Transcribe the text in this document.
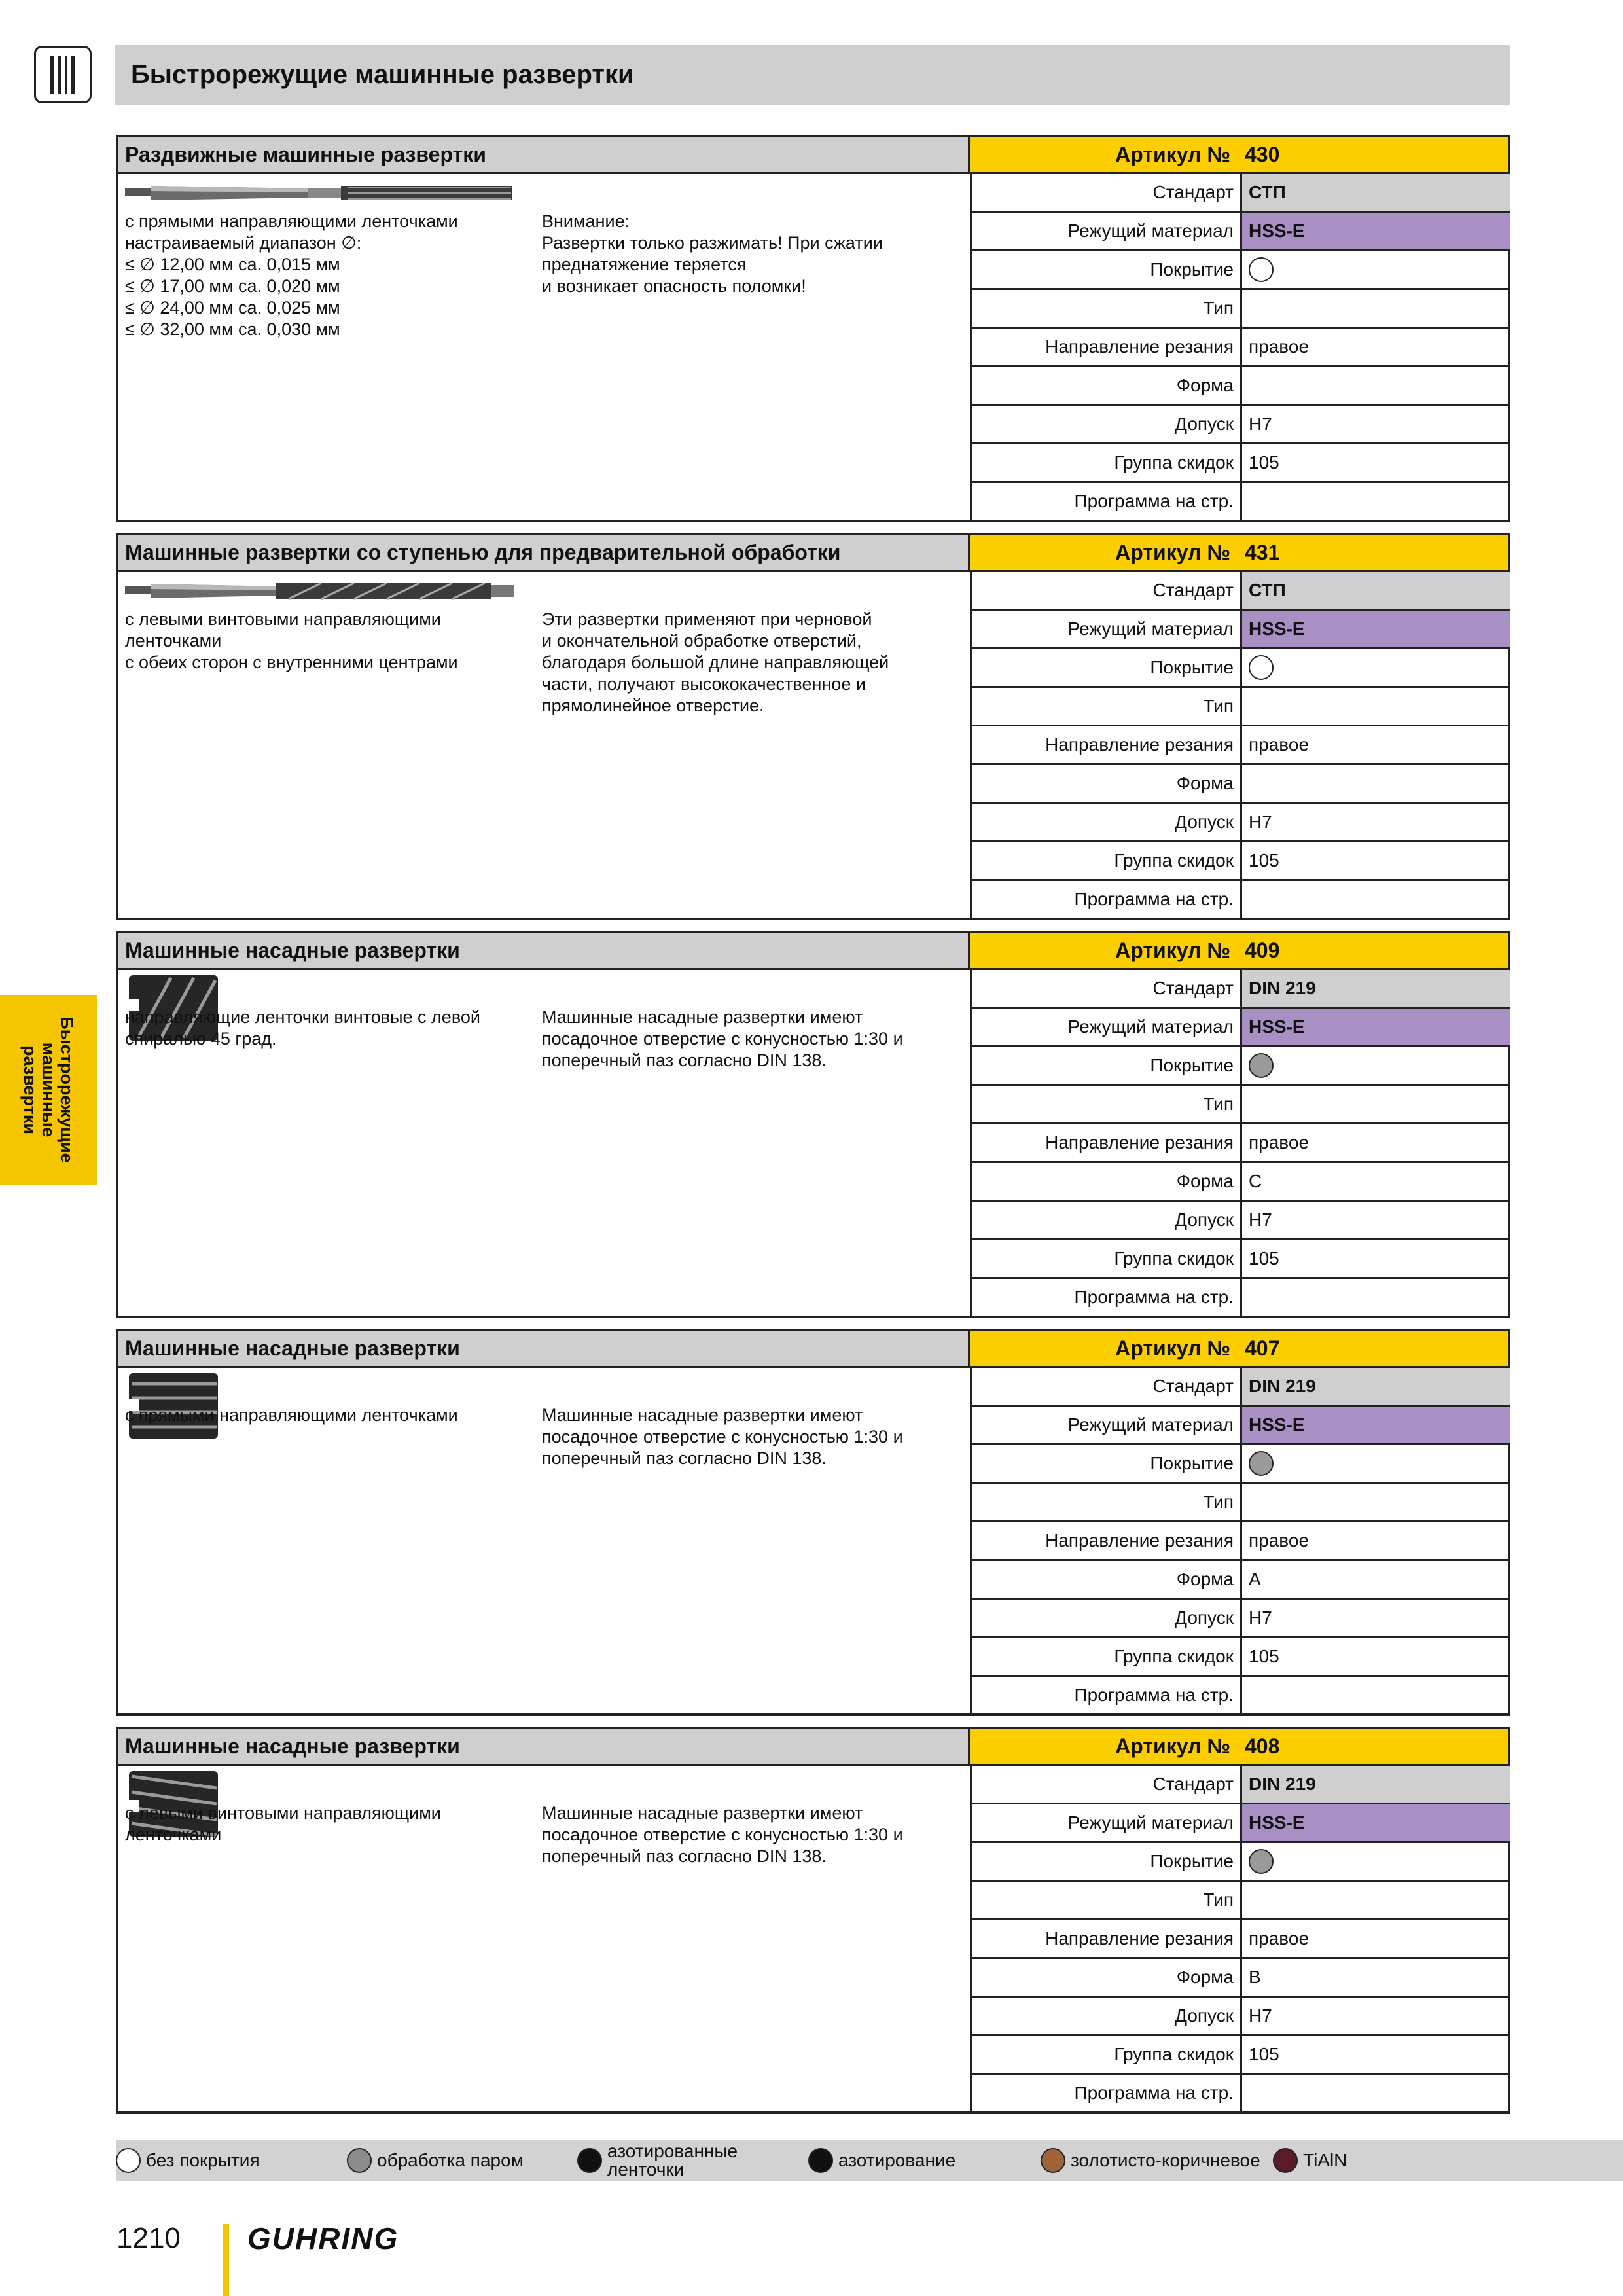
Быстрорежущие машинные развертки
Быстрорежущие машинные развертки
Раздвижные машинные развертки	Артикул № 430
с прямыми направляющими ленточками
настраиваемый диапазон ∅:
≤ ∅ 12,00 мм ca. 0,015 мм
≤ ∅ 17,00 мм ca. 0,020 мм
≤ ∅ 24,00 мм ca. 0,025 мм
≤ ∅ 32,00 мм ca. 0,030 мм
Внимание:
Развертки только разжимать! При сжатии
преднатяжение теряется
и возникает опасность поломки!
Стандарт СТП
Режущий материал HSS-E
Покрытие
Тип
Направление резания правое
Форма
Допуск H7
Группа скидок 105
Программа на стр.
Машинные развертки со ступенью для предварительной обработки	Артикул № 431
с левыми винтовыми направляющими
ленточками
с обеих сторон с внутренними центрами
Эти развертки применяют при черновой
и окончательной обработке отверстий,
благодаря большой длине направляющей
части, получают высококачественное и
прямолинейное отверстие.
Стандарт СТП
Режущий материал HSS-E
Покрытие
Тип
Направление резания правое
Форма
Допуск H7
Группа скидок 105
Программа на стр.
Машинные насадные развертки	Артикул № 409
направляющие ленточки винтовые с левой
спиралью 45 град.
Машинные насадные развертки имеют
посадочное отверстие с конусностью 1:30 и
поперечный паз согласно DIN 138.
Стандарт DIN 219
Режущий материал HSS-E
Покрытие
Тип
Направление резания правое
Форма C
Допуск H7
Группа скидок 105
Программа на стр.
Машинные насадные развертки	Артикул № 407
с прямыми направляющими ленточками	Машинные насадные развертки имеют
посадочное отверстие с конусностью 1:30 и
поперечный паз согласно DIN 138.
Стандарт DIN 219
Режущий материал HSS-E
Покрытие
Тип
Направление резания правое
Форма A
Допуск H7
Группа скидок 105
Программа на стр.
Машинные насадные развертки	Артикул № 408
с левыми винтовыми направляющими
ленточками
Машинные насадные развертки имеют
посадочное отверстие с конусностью 1:30 и
поперечный паз согласно DIN 138.
Стандарт DIN 219
Режущий материал HSS-E
Покрытие
Тип
Направление резания правое
Форма B
Допуск H7
Группа скидок 105
Программа на стр.
без покрытия	обработка паром	азотированные
ленточки	азотирование	золотисто-коричневое TiAlN
1210 GUHRING
